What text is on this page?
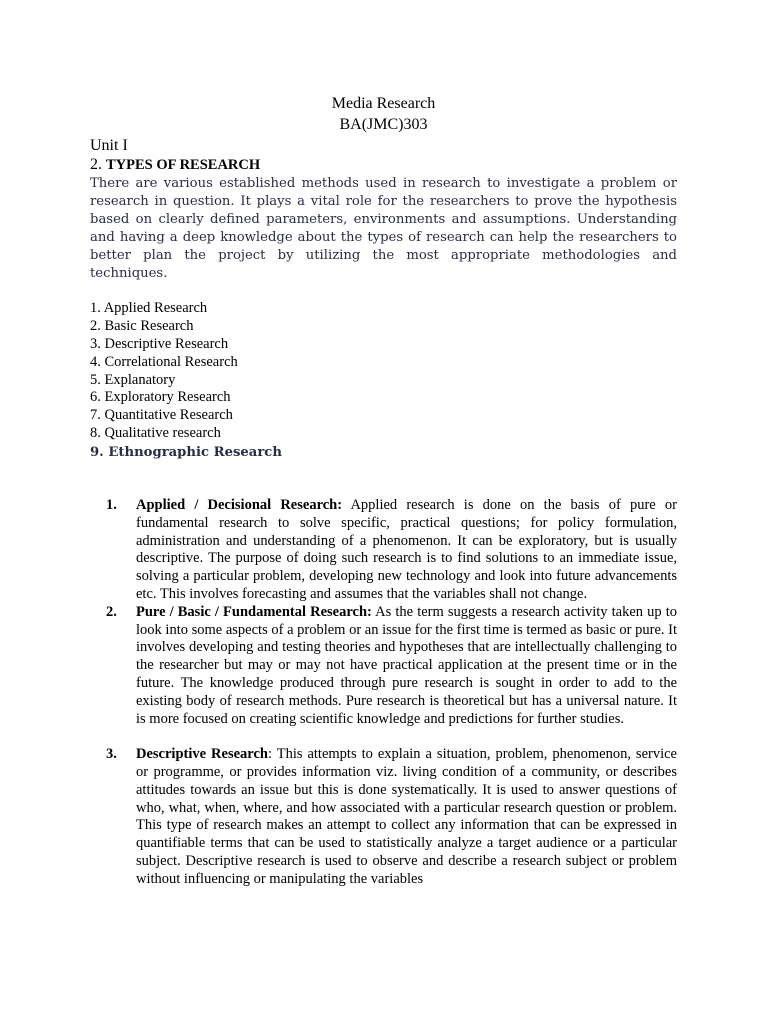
Media Research
BA(JMC)303
Unit I
2. TYPES OF RESEARCH
There are various established methods used in research to investigate a problem or research in question. It plays a vital role for the researchers to prove the hypothesis based on clearly defined parameters, environments and assumptions. Understanding and having a deep knowledge about the types of research can help the researchers to better plan the project by utilizing the most appropriate methodologies and techniques.
1. Applied Research
2. Basic Research
3. Descriptive Research
4. Correlational Research
5. Explanatory
6. Exploratory Research
7. Quantitative Research
8. Qualitative research
9. Ethnographic Research
1. Applied / Decisional Research: Applied research is done on the basis of pure or fundamental research to solve specific, practical questions; for policy formulation, administration and understanding of a phenomenon. It can be exploratory, but is usually descriptive. The purpose of doing such research is to find solutions to an immediate issue, solving a particular problem, developing new technology and look into future advancements etc. This involves forecasting and assumes that the variables shall not change.
2. Pure / Basic / Fundamental Research: As the term suggests a research activity taken up to look into some aspects of a problem or an issue for the first time is termed as basic or pure. It involves developing and testing theories and hypotheses that are intellectually challenging to the researcher but may or may not have practical application at the present time or in the future. The knowledge produced through pure research is sought in order to add to the existing body of research methods. Pure research is theoretical but has a universal nature. It is more focused on creating scientific knowledge and predictions for further studies.
3. Descriptive Research: This attempts to explain a situation, problem, phenomenon, service or programme, or provides information viz. living condition of a community, or describes attitudes towards an issue but this is done systematically. It is used to answer questions of who, what, when, where, and how associated with a particular research question or problem. This type of research makes an attempt to collect any information that can be expressed in quantifiable terms that can be used to statistically analyze a target audience or a particular subject. Descriptive research is used to observe and describe a research subject or problem without influencing or manipulating the variables
